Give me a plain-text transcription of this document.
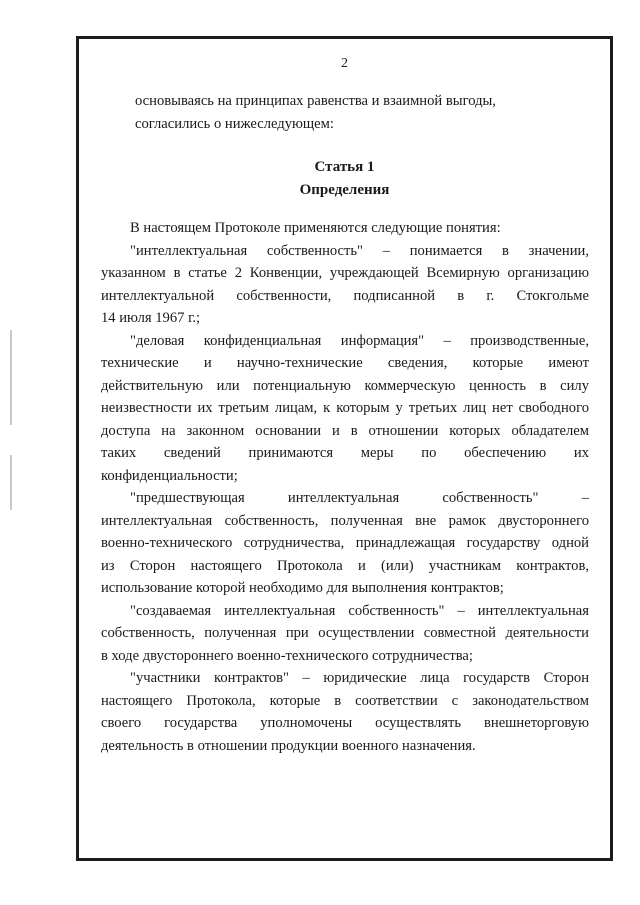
2
основываясь на принципах равенства и взаимной выгоды,
согласились о нижеследующем:
Статья 1
Определения
В настоящем Протоколе применяются следующие понятия:
"интеллектуальная собственность" – понимается в значении,
указанном в статье 2 Конвенции, учреждающей Всемирную организацию
интеллектуальной собственности, подписанной в г. Стокгольме
14 июля 1967 г.;
"деловая конфиденциальная информация" – производственные,
технические и научно-технические сведения, которые имеют
действительную или потенциальную коммерческую ценность в силу
неизвестности их третьим лицам, к которым у третьих лиц нет свободного
доступа на законном основании и в отношении которых обладателем
таких сведений принимаются меры по обеспечению их
конфиденциальности;
"предшествующая интеллектуальная собственность" –
интеллектуальная собственность, полученная вне рамок двустороннего
военно-технического сотрудничества, принадлежащая государству одной
из Сторон настоящего Протокола и (или) участникам контрактов,
использование которой необходимо для выполнения контрактов;
"создаваемая интеллектуальная собственность" – интеллектуальная
собственность, полученная при осуществлении совместной деятельности
в ходе двустороннего военно-технического сотрудничества;
"участники контрактов" – юридические лица государств Сторон
настоящего Протокола, которые в соответствии с законодательством
своего государства уполномочены осуществлять внешнеторговую
деятельность в отношении продукции военного назначения.
